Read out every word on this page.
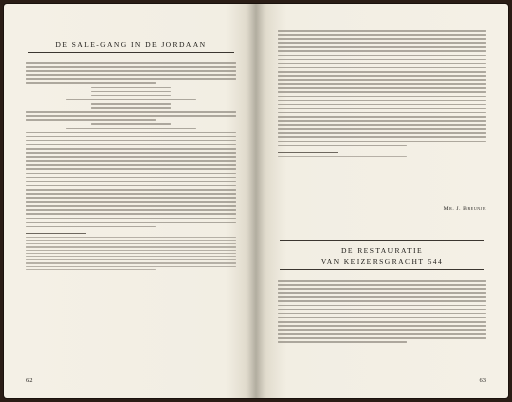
DE SALE-GANG IN DE JORDAAN
62
Mr. J. Breunje
DE RESTAURATIE
VAN KEIZERSGRACHT 544
63
